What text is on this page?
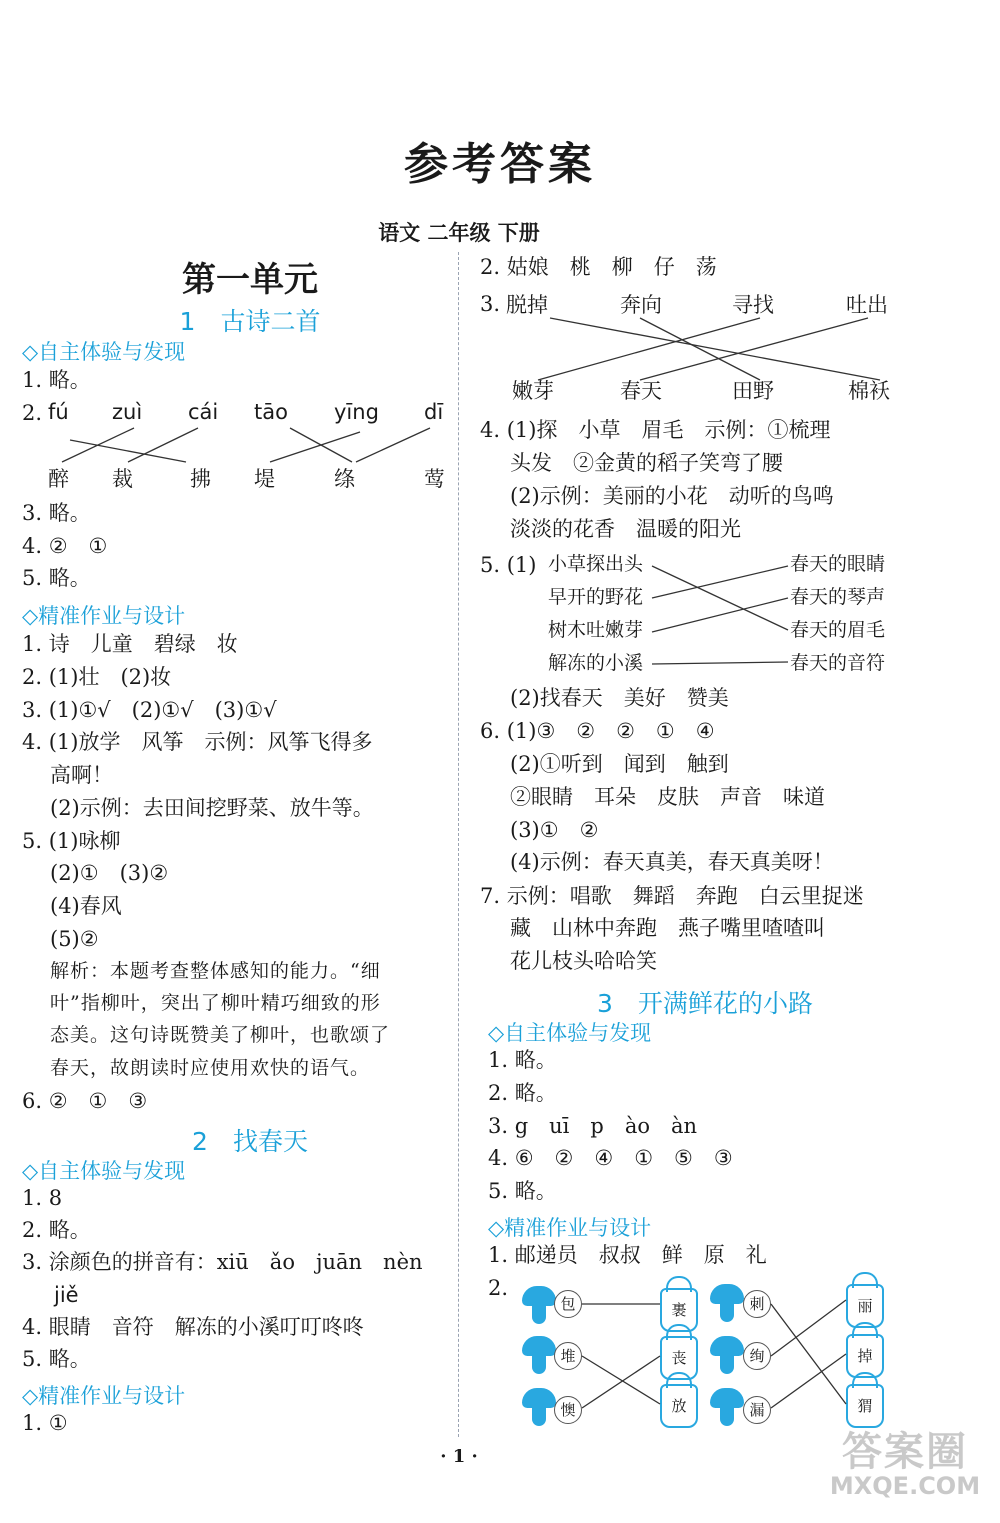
参考答案
语文 二年级 下册
第一单元
1　古诗二首
◇自主体验与发现
1. 略。
2. fú zuì cái tāo yīng dī
醉 裁	拂 堤	绦	莺
3. 略。
4. ②　①
5. 略。
◇精准作业与设计
1. 诗　儿童　碧绿　妆
2. (1)壮　(2)妆
3. (1)①√　(2)①√　(3)①√
4. (1)放学　风筝　示例：风筝飞得多
高啊！
(2)示例：去田间挖野菜、放牛等。
5. (1)咏柳
(2)①　(3)②
(4)春风
(5)②
解析：本题考查整体感知的能力。“细
叶”指柳叶，突出了柳叶精巧细致的形
态美。这句诗既赞美了柳叶，也歌颂了
春天，故朗读时应使用欢快的语气。
6. ②　①　③
2　找春天
◇自主体验与发现
1. 8
2. 略。
3. 涂颜色的拼音有：xiū　ǎo　juān　nèn
jiě
4. 眼睛　音符　解冻的小溪叮叮咚咚
5. 略。
◇精准作业与设计
1. ①
2. 姑娘　桃　柳　仔　荡
3. 脱掉	奔向	寻找	吐出
嫩芽	春天	田野	棉袄
4. (1)探　小草　眉毛　示例：①梳理
头发　②金黄的稻子笑弯了腰
(2)示例：美丽的小花　动听的鸟鸣
淡淡的花香　温暖的阳光
5. (1) 小草探出头
早开的野花
树木吐嫩芽
解冻的小溪
春天的眼睛
春天的琴声
春天的眉毛
春天的音符
(2)找春天　美好　赞美
6. (1)③　②　②　①　④
(2)①听到　闻到　触到
②眼睛　耳朵　皮肤　声音　味道
(3)①　②
(4)示例：春天真美，春天真美呀！
7. 示例：唱歌　舞蹈　奔跑　白云里捉迷
藏　山林中奔跑　燕子嘴里喳喳叫
花儿枝头哈哈笑
3　开满鲜花的小路
◇自主体验与发现
1. 略。
2. 略。
3. g　uī　p　ào　àn
4. ⑥　②　④　①　⑤　③
5. 略。
◇精准作业与设计
1. 邮递员　叔叔　鲜　原　礼
2.
包
堆
懊
裹
丧
放
刺
绚
漏
丽
掉
猬
· 1 ·	答案圈
MXQE.COM
